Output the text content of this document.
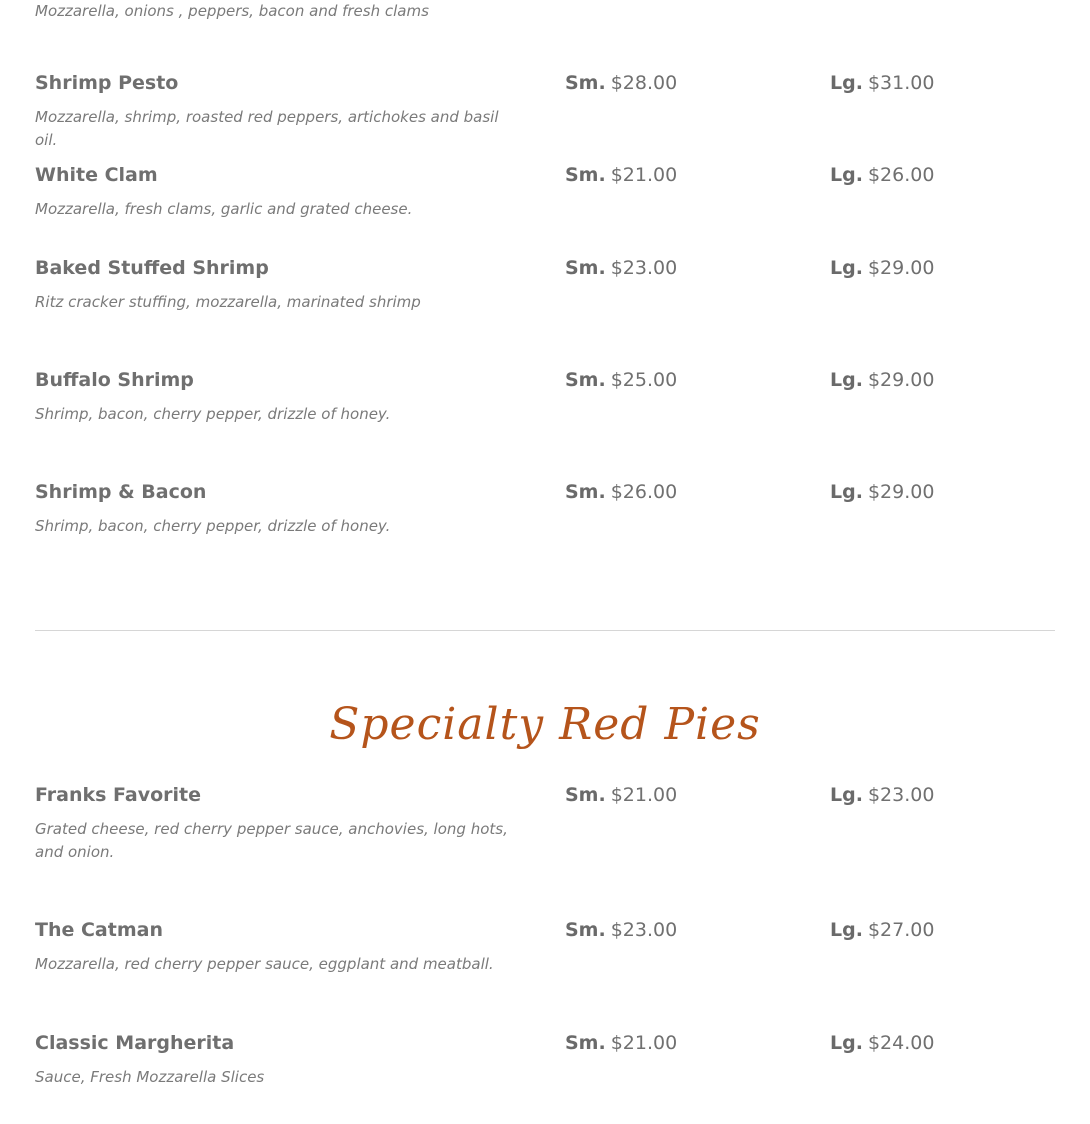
Mozzarella, onions , peppers, bacon and fresh clams
Shrimp Pesto
Mozzarella, shrimp, roasted red peppers, artichokes and basil oil.
Sm. $28.00	Lg. $31.00
White Clam
Mozzarella, fresh clams, garlic and grated cheese.
Sm. $21.00	Lg. $26.00
Baked Stuffed Shrimp
Ritz cracker stuffing, mozzarella, marinated shrimp
Sm. $23.00	Lg. $29.00
Buffalo Shrimp
Shrimp, bacon, cherry pepper, drizzle of honey.
Sm. $25.00	Lg. $29.00
Shrimp & Bacon
Shrimp, bacon, cherry pepper, drizzle of honey.
Sm. $26.00	Lg. $29.00
Specialty Red Pies
Franks Favorite
Grated cheese, red cherry pepper sauce, anchovies, long hots, and onion.
Sm. $21.00	Lg. $23.00
The Catman
Mozzarella, red cherry pepper sauce, eggplant and meatball.
Sm. $23.00	Lg. $27.00
Classic Margherita
Sauce, Fresh Mozzarella Slices
Sm. $21.00	Lg. $24.00
